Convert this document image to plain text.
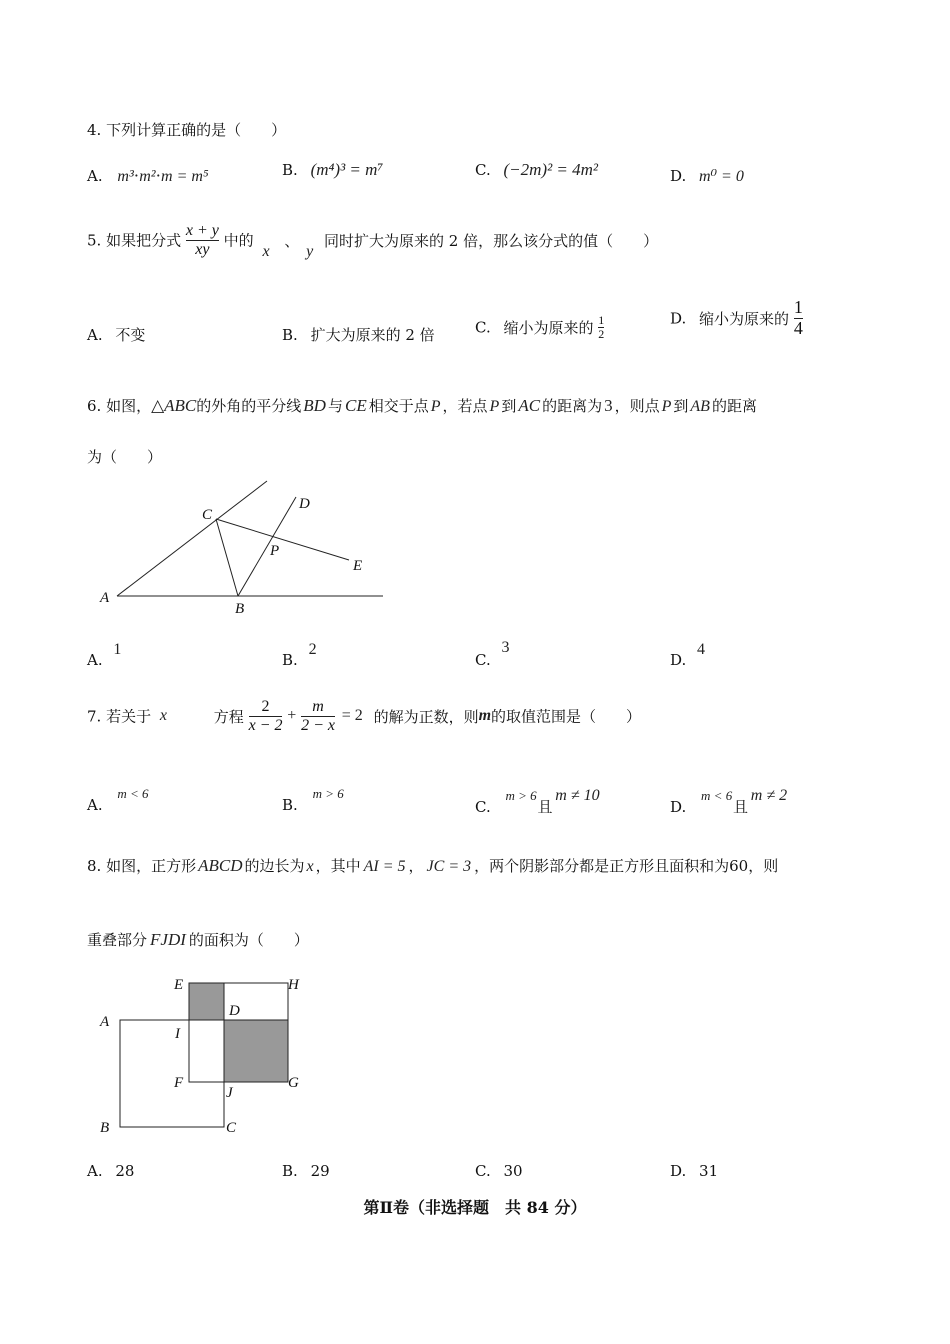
4. 下列计算正确的是（　　）
A. m³⋅m²⋅m = m⁵	B. (m⁴)³ = m⁷	C. (−2m)² = 4m²	D. m⁰ = 0
5. 如果把分式 $\frac{x + y}{xy}$ 中的 x 、 y 同时扩大为原来的 2 倍，那么该分式的值（　　）
A. 不变	B. 扩大为原来的 2 倍	C. 缩小为原来的 $\frac{1}{2}$	D. 缩小为原来的 $\frac{1}{4}$
6. 如图，△ABC的外角的平分线 BD 与 CE 相交于点 P ，若点 P 到 AC 的距离为 3 ，则点 P 到 AB 的距离
为（　　）
A
B
C
D
E
P
A. 1
B. 2
C. 3
D. 4
7. 若关于 x	方程 $\frac{2}{x - 2} + \frac{m}{2 - x} = 2$ 的解为正数，则m的取值范围是（　　）
A. m < 6
B. m > 6
C. m > 6 且 m ≠ 10
D. m < 6 且 m ≠ 2
8. 如图，正方形 ABCD 的边长为 x ，其中 AI = 5 ， JC = 3 ，两个阴影部分都是正方形且面积和为60，则
重叠部分 FJDI 的面积为（　　）
E	H
A
D
I
F
J
G
B	C
A. 28	B. 29	C. 30	D. 31
第Ⅱ卷（非选择题　共 84 分）
